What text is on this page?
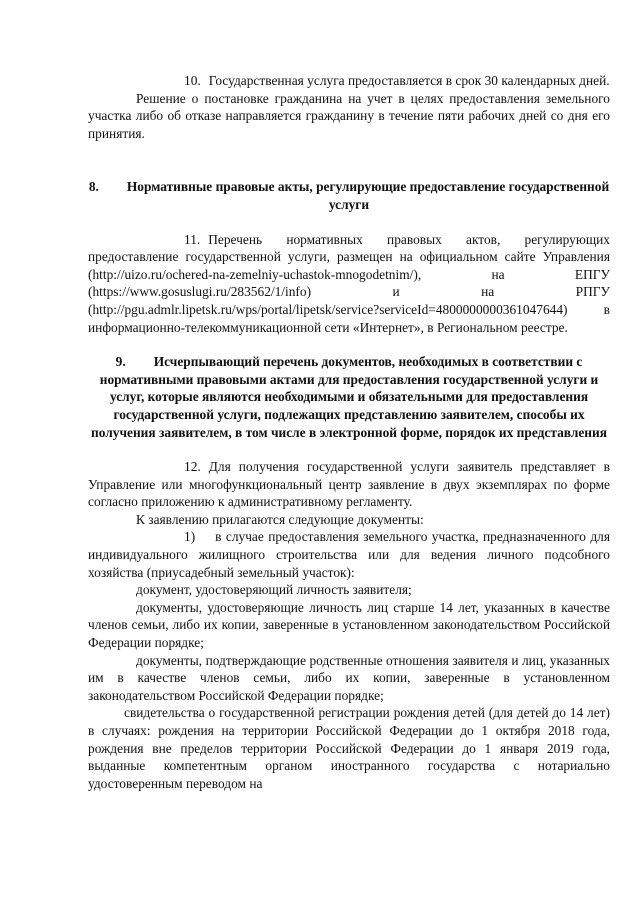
10. Государственная услуга предоставляется в срок 30 календарных дней.

Решение о постановке гражданина на учет в целях предоставления земельного участка либо об отказе направляется гражданину в течение пяти рабочих дней со дня его принятия.

8. Нормативные правовые акты, регулирующие предоставление государственной услуги

11. Перечень нормативных правовых актов, регулирующих предоставление государственной услуги, размещен на официальном сайте Управления (http://uizo.ru/ochered-na-zemelniy-uchastok-mnogodetnim/), на ЕПГУ (https://www.gosuslugi.ru/283562/1/info) и на РПГУ (http://pgu.admlr.lipetsk.ru/wps/portal/lipetsk/service?serviceId=4800000000361047644) в информационно-телекоммуникационной сети «Интернет», в Региональном реестре.

9. Исчерпывающий перечень документов, необходимых в соответствии с нормативными правовыми актами для предоставления государственной услуги и услуг, которые являются необходимыми и обязательными для предоставления государственной услуги, подлежащих представлению заявителем, способы их получения заявителем, в том числе в электронной форме, порядок их представления

12. Для получения государственной услуги заявитель представляет в Управление или многофункциональный центр заявление в двух экземплярах по форме согласно приложению к административному регламенту.

К заявлению прилагаются следующие документы:

1) в случае предоставления земельного участка, предназначенного для индивидуального жилищного строительства или для ведения личного подсобного хозяйства (приусадебный земельный участок):

документ, удостоверяющий личность заявителя;

документы, удостоверяющие личность лиц старше 14 лет, указанных в качестве членов семьи, либо их копии, заверенные в установленном законодательством Российской Федерации порядке;

документы, подтверждающие родственные отношения заявителя и лиц, указанных им в качестве членов семьи, либо их копии, заверенные в установленном законодательством Российской Федерации порядке;

свидетельства о государственной регистрации рождения детей (для детей до 14 лет) в случаях: рождения на территории Российской Федерации до 1 октября 2018 года, рождения вне пределов территории Российской Федерации до 1 января 2019 года, выданные компетентным органом иностранного государства с нотариально удостоверенным переводом на
